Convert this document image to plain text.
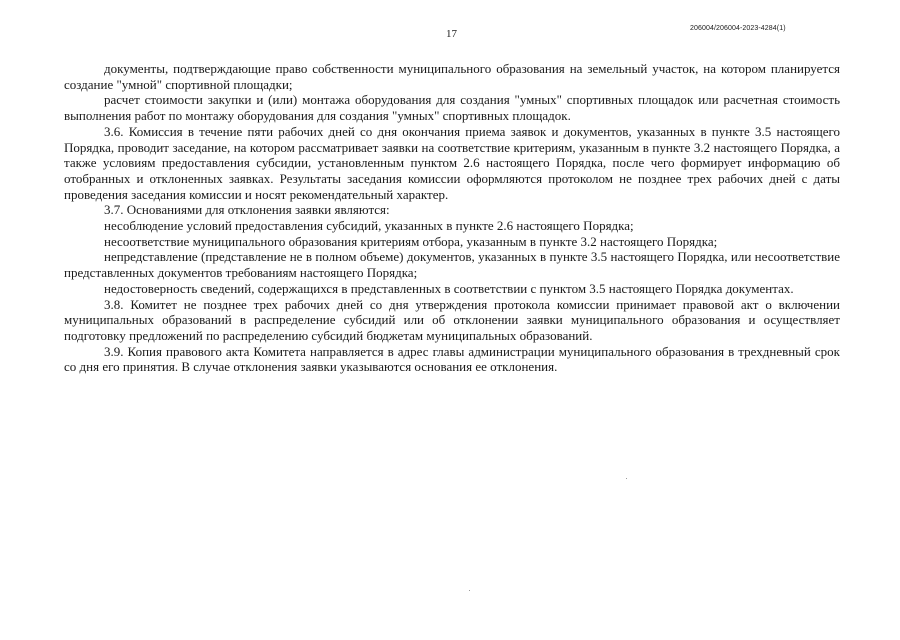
17	206004/206004-2023-4284(1)

документы, подтверждающие право собственности муниципального образования на земельный участок, на котором планируется создание "умной" спортивной площадки;

расчет стоимости закупки и (или) монтажа оборудования для создания "умных" спортивных площадок или расчетная стоимость выполнения работ по монтажу оборудования для создания "умных" спортивных площадок.

3.6. Комиссия в течение пяти рабочих дней со дня окончания приема заявок и документов, указанных в пункте 3.5 настоящего Порядка, проводит заседание, на котором рассматривает заявки на соответствие критериям, указанным в пункте 3.2 настоящего Порядка, а также условиям предоставления субсидии, установленным пунктом 2.6 настоящего Порядка, после чего формирует информацию об отобранных и отклоненных заявках. Результаты заседания комиссии оформляются протоколом не позднее трех рабочих дней с даты проведения заседания комиссии и носят рекомендательный характер.

3.7. Основаниями для отклонения заявки являются:

несоблюдение условий предоставления субсидий, указанных в пункте 2.6 настоящего Порядка;

несоответствие муниципального образования критериям отбора, указанным в пункте 3.2 настоящего Порядка;

непредставление (представление не в полном объеме) документов, указанных в пункте 3.5 настоящего Порядка, или несоответствие представленных документов требованиям настоящего Порядка;

недостоверность сведений, содержащихся в представленных в соответствии с пунктом 3.5 настоящего Порядка документах.

3.8. Комитет не позднее трех рабочих дней со дня утверждения протокола комиссии принимает правовой акт о включении муниципальных образований в распределение субсидий или об отклонении заявки муниципального образования и осуществляет подготовку предложений по распределению субсидий бюджетам муниципальных образований.

3.9. Копия правового акта Комитета направляется в адрес главы администрации муниципального образования в трехдневный срок со дня его принятия. В случае отклонения заявки указываются основания ее отклонения.
